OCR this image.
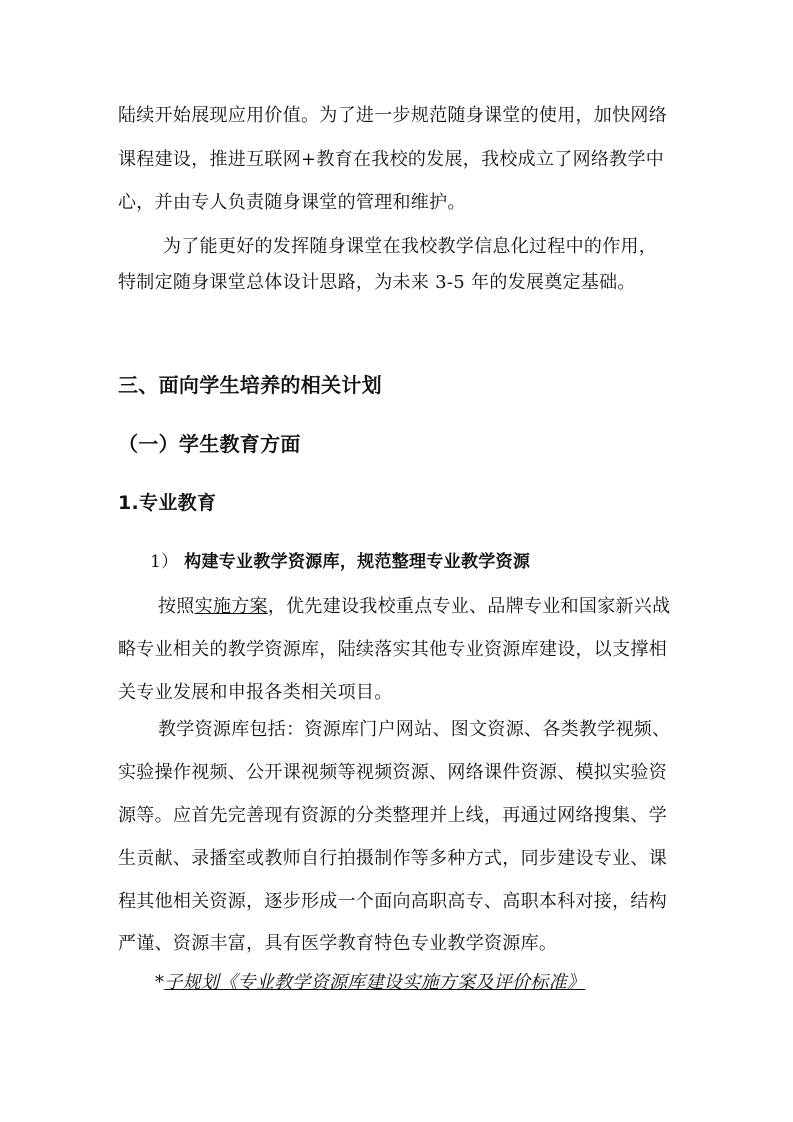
陆续开始展现应用价值。为了进一步规范随身课堂的使用，加快网络
课程建设，推进互联网+教育在我校的发展，我校成立了网络教学中
心，并由专人负责随身课堂的管理和维护。
为了能更好的发挥随身课堂在我校教学信息化过程中的作用，
特制定随身课堂总体设计思路，为未来 3-5 年的发展奠定基础。
三、面向学生培养的相关计划
（一）学生教育方面
1.专业教育
1） 构建专业教学资源库，规范整理专业教学资源
按照实施方案，优先建设我校重点专业、品牌专业和国家新兴战
略专业相关的教学资源库，陆续落实其他专业资源库建设，以支撑相
关专业发展和申报各类相关项目。
教学资源库包括：资源库门户网站、图文资源、各类教学视频、
实验操作视频、公开课视频等视频资源、网络课件资源、模拟实验资
源等。应首先完善现有资源的分类整理并上线，再通过网络搜集、学
生贡献、录播室或教师自行拍摄制作等多种方式，同步建设专业、课
程其他相关资源，逐步形成一个面向高职高专、高职本科对接，结构
严谨、资源丰富，具有医学教育特色专业教学资源库。
*子规划《专业教学资源库建设实施方案及评价标准》
